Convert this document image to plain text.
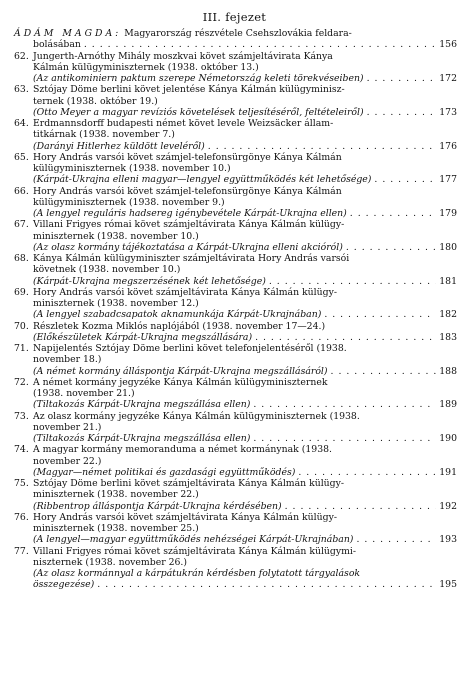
III. fejezet
ÁDÁM MAGDA: Magyarország részvétele Csehszlovákia feldara-
bolásában . . .	156
62. Jungerth-Arnóthy Mihály moszkvai követ számjeltávirata Kánya
Kálmán külügyminiszternek (1938. október 13.)
(Az antikominiern paktum szerepe Németország keleti törekvéseiben) . . .	172
63. Sztójay Döme berlini követ jelentése Kánya Kálmán külügyminisz-
ternek (1938. október 19.)
(Otto Meyer a magyar revíziós követelések teljesítéséről, feltételeiről) . . .	173
64. Erdmannsdorff budapesti német követ levele Weizsäcker állam-
titkárnak (1938. november 7.)
(Darányi Hitlerhez küldött leveléről) . . .	176
65. Hory András varsói követ számjel-telefonsürgönye Kánya Kálmán
külügyminiszternek (1938. november 10.)
(Kárpát-Ukrajna elleni magyar—lengyel együttműködés két lehetősége) . . .	177
66. Hory András varsói követ számjel-telefonsürgönye Kánya Kálmán
külügyminiszternek (1938. november 9.)
(A lengyel reguláris hadsereg igénybevétele Kárpát-Ukrajna ellen) . . .	179
67. Villani Frigyes római követ számjeltávirata Kánya Kálmán külügy-
miniszternek (1938. november 10.)
(Az olasz kormány tájékoztatása a Kárpát-Ukrajna elleni akcióról) . . .	180
68. Kánya Kálmán külügyminiszter számjeltávirata Hory András varsói
követnek (1938. november 10.)
(Kárpát-Ukrajna megszerzésének két lehetősége) . . .	181
69. Hory András varsói követ számjeltávirata Kánya Kálmán külügy-
miniszternek (1938. november 12.)
(A lengyel szabadcsapatok aknamunkája Kárpát-Ukrajnában) . . .	182
70. Részletek Kozma Miklós naplójából (1938. november 17—24.)
(Előkészületek Kárpát-Ukrajna megszállására) . . .	183
71. Napijelentés Sztójay Döme berlini követ telefonjelentéséről (1938.
november 18.)
(A német kormány álláspontja Kárpát-Ukrajna megszállásáról) . . .	188
72. A német kormány jegyzéke Kánya Kálmán külügyminiszternek
(1938. november 21.)
(Tiltakozás Kárpát-Ukrajna megszállása ellen) . . .	189
73. Az olasz kormány jegyzéke Kánya Kálmán külügyminiszternek (1938.
november 21.)
(Tiltakozás Kárpát-Ukrajna megszállása ellen) . . .	190
74. A magyar kormány memoranduma a német kormánynak (1938.
november 22.)
(Magyar—német politikai és gazdasági együttműködés) . . .	191
75. Sztójay Döme berlini követ számjeltávirata Kánya Kálmán külügy-
miniszternek (1938. november 22.)
(Ribbentrop álláspontja Kárpát-Ukrajna kérdésében) . . .	192
76. Hory András varsói követ számjeltávirata Kánya Kálmán külügy-
miniszternek (1938. november 25.)
(A lengyel—magyar együttműködés nehézségei Kárpát-Ukrajnában) . . .	193
77. Villani Frigyes római követ számjeltávirata Kánya Kálmán külügymi-
niszternek (1938. november 26.)
(Az olasz kormánnyal a kárpátukrán kérdésben folytatott tárgyalások
összegezése) . . .	195
